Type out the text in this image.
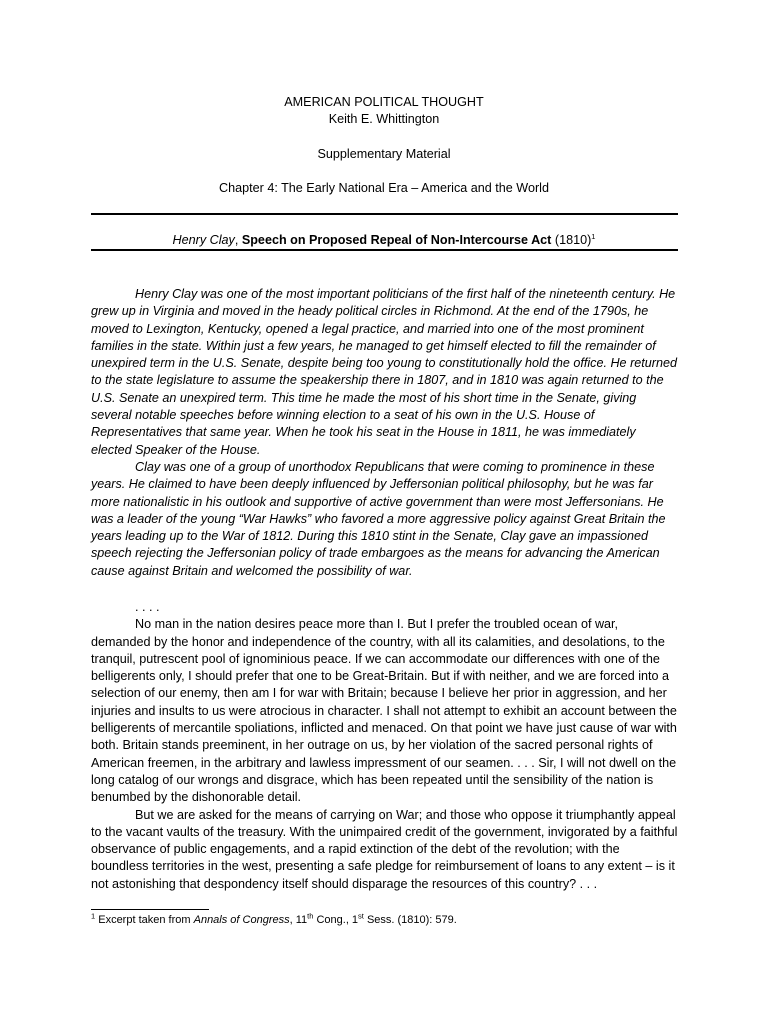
AMERICAN POLITICAL THOUGHT
Keith E. Whittington
Supplementary Material
Chapter 4: The Early National Era – America and the World
Henry Clay, Speech on Proposed Repeal of Non-Intercourse Act $(1810)^1$

Henry Clay was one of the most important politicians of the first half of the nineteenth century. He grew up in Virginia and moved in the heady political circles in Richmond. At the end of the 1790s, he moved to Lexington, Kentucky, opened a legal practice, and married into one of the most prominent families in the state. Within just a few years, he managed to get himself elected to fill the remainder of unexpired term in the U.S. Senate, despite being too young to constitutionally hold the office. He returned to the state legislature to assume the speakership there in 1807, and in 1810 was again returned to the U.S. Senate an unexpired term. This time he made the most of his short time in the Senate, giving several notable speeches before winning election to a seat of his own in the U.S. House of Representatives that same year. When he took his seat in the House in 1811, he was immediately elected Speaker of the House.

Clay was one of a group of unorthodox Republicans that were coming to prominence in these years. He claimed to have been deeply influenced by Jeffersonian political philosophy, but he was far more nationalistic in his outlook and supportive of active government than were most Jeffersonians. He was a leader of the young “War Hawks” who favored a more aggressive policy against Great Britain the years leading up to the War of 1812. During this 1810 stint in the Senate, Clay gave an impassioned speech rejecting the Jeffersonian policy of trade embargoes as the means for advancing the American cause against Britain and welcomed the possibility of war.

. . . .

No man in the nation desires peace more than I. But I prefer the troubled ocean of war, demanded by the honor and independence of the country, with all its calamities, and desolations, to the tranquil, putrescent pool of ignominious peace. If we can accommodate our differences with one of the belligerents only, I should prefer that one to be Great-Britain. But if with neither, and we are forced into a selection of our enemy, then am I for war with Britain; because I believe her prior in aggression, and her injuries and insults to us were atrocious in character. I shall not attempt to exhibit an account between the belligerents of mercantile spoliations, inflicted and menaced. On that point we have just cause of war with both. Britain stands preeminent, in her outrage on us, by her violation of the sacred personal rights of American freemen, in the arbitrary and lawless impressment of our seamen. . . . Sir, I will not dwell on the long catalog of our wrongs and disgrace, which has been repeated until the sensibility of the nation is benumbed by the dishonorable detail.

But we are asked for the means of carrying on War; and those who oppose it triumphantly appeal to the vacant vaults of the treasury. With the unimpaired credit of the government, invigorated by a faithful observance of public engagements, and a rapid extinction of the debt of the revolution; with the boundless territories in the west, presenting a safe pledge for reimbursement of loans to any extent – is it not astonishing that despondency itself should disparage the resources of this country? . . .

$^1$ Excerpt taken from Annals of Congress, 11th Cong., 1st Sess. (1810): 579.
